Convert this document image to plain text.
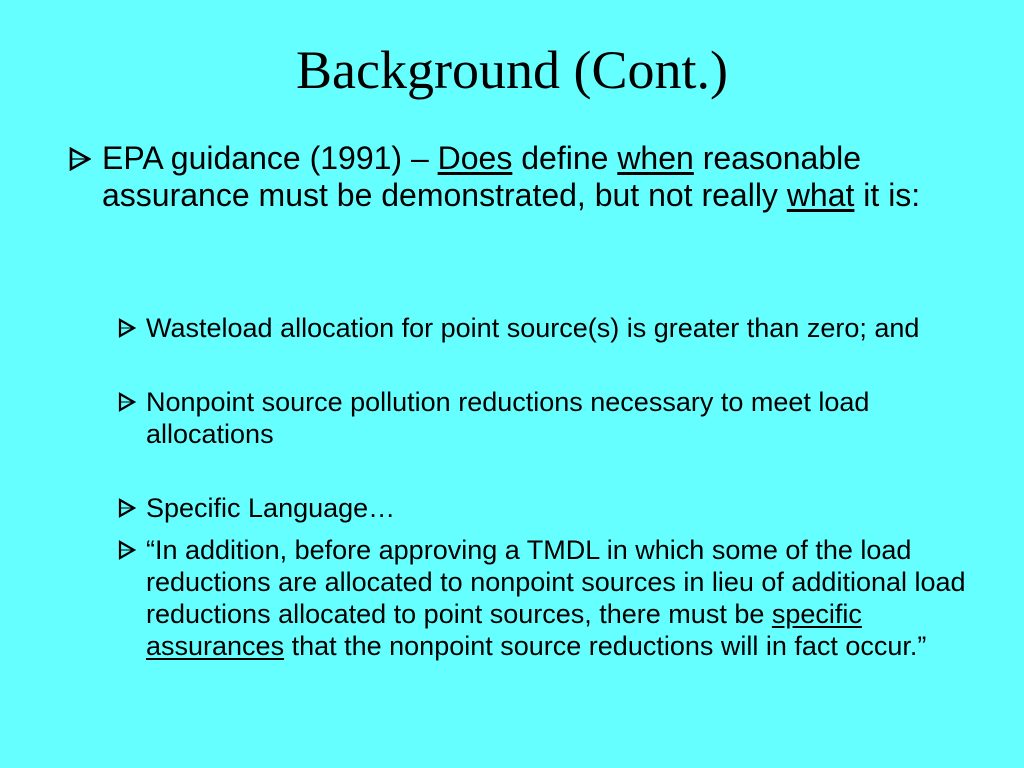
Background (Cont.)
EPA guidance (1991) – Does define when reasonable assurance must be demonstrated, but not really what it is:
Wasteload allocation for point source(s) is greater than zero; and
Nonpoint source pollution reductions necessary to meet load allocations
Specific Language…
“In addition, before approving a TMDL in which some of the load reductions are allocated to nonpoint sources in lieu of additional load reductions allocated to point sources, there must be specific assurances that the nonpoint source reductions will in fact occur.”
